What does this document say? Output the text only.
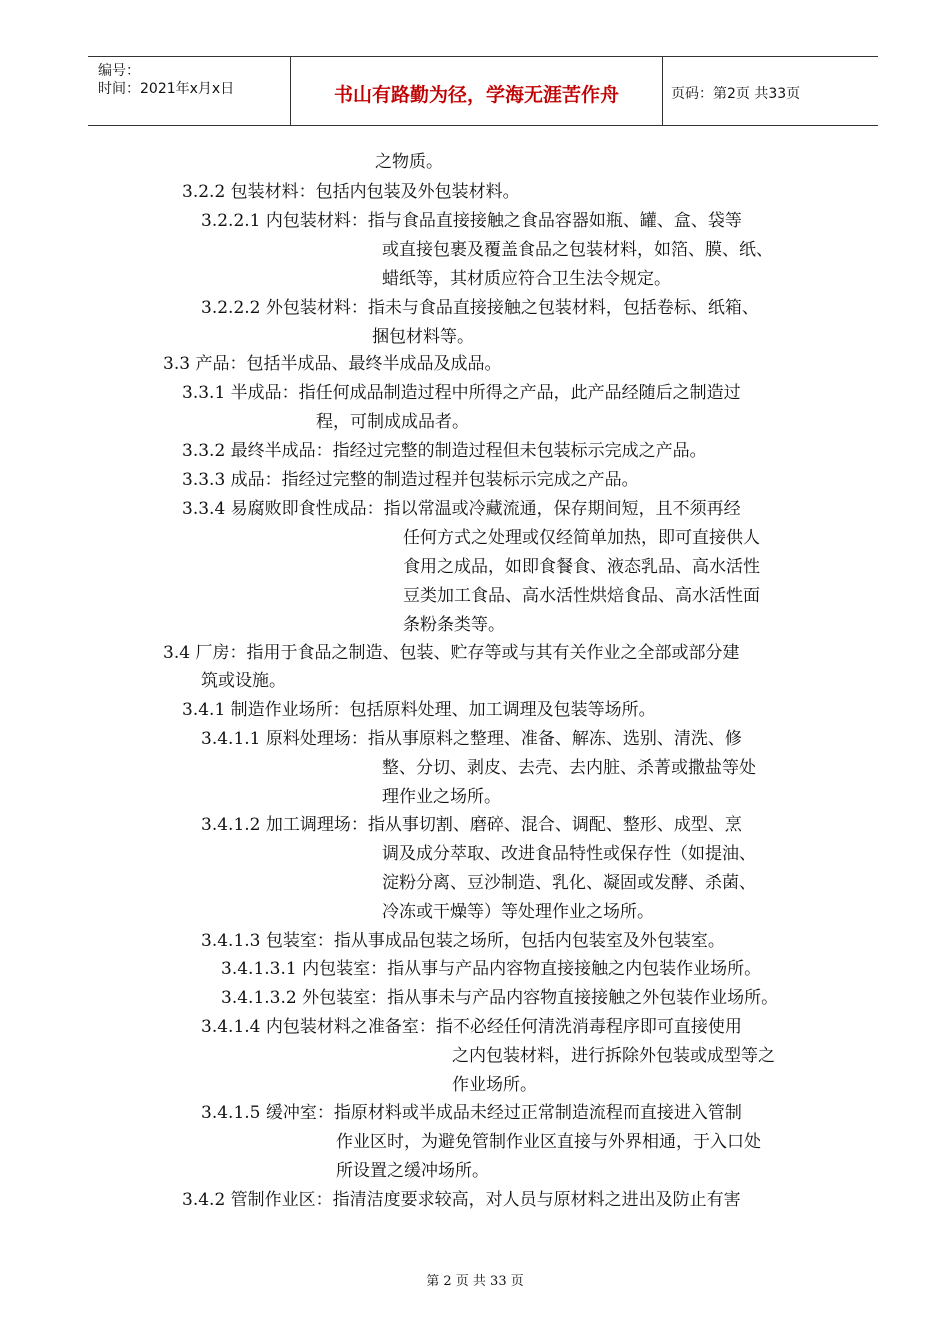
编号：
时间：2021年x月x日	书山有路勤为径，学海无涯苦作舟	页码：第2页 共33页
之物质。
3.2.2 包装材料：包括内包装及外包装材料。
3.2.2.1 内包装材料：指与食品直接接触之食品容器如瓶、罐、盒、袋等
或直接包裹及覆盖食品之包装材料，如箔、膜、纸、
蜡纸等，其材质应符合卫生法令规定。
3.2.2.2 外包装材料：指未与食品直接接触之包装材料，包括卷标、纸箱、
捆包材料等。
3.3 产品：包括半成品、最终半成品及成品。
3.3.1 半成品：指任何成品制造过程中所得之产品，此产品经随后之制造过
程，可制成成品者。
3.3.2 最终半成品：指经过完整的制造过程但未包装标示完成之产品。
3.3.3 成品：指经过完整的制造过程并包装标示完成之产品。
3.3.4 易腐败即食性成品：指以常温或冷藏流通，保存期间短，且不须再经
任何方式之处理或仅经简单加热，即可直接供人
食用之成品，如即食餐食、液态乳品、高水活性
豆类加工食品、高水活性烘焙食品、高水活性面
条粉条类等。
3.4 厂房：指用于食品之制造、包装、贮存等或与其有关作业之全部或部分建
筑或设施。
3.4.1 制造作业场所：包括原料处理、加工调理及包装等场所。
3.4.1.1 原料处理场：指从事原料之整理、准备、解冻、选别、清洗、修
整、分切、剥皮、去壳、去内脏、杀菁或撒盐等处
理作业之场所。
3.4.1.2 加工调理场：指从事切割、磨碎、混合、调配、整形、成型、烹
调及成分萃取、改进食品特性或保存性（如提油、
淀粉分离、豆沙制造、乳化、凝固或发酵、杀菌、
冷冻或干燥等）等处理作业之场所。
3.4.1.3 包装室：指从事成品包装之场所，包括内包装室及外包装室。
3.4.1.3.1 内包装室：指从事与产品内容物直接接触之内包装作业场所。
3.4.1.3.2 外包装室：指从事未与产品内容物直接接触之外包装作业场所。
3.4.1.4 内包装材料之准备室：指不必经任何清洗消毒程序即可直接使用
之内包装材料，进行拆除外包装或成型等之
作业场所。
3.4.1.5 缓冲室：指原材料或半成品未经过正常制造流程而直接进入管制
作业区时，为避免管制作业区直接与外界相通，于入口处
所设置之缓冲场所。
3.4.2 管制作业区：指清洁度要求较高，对人员与原材料之进出及防止有害
第 2 页 共 33 页
